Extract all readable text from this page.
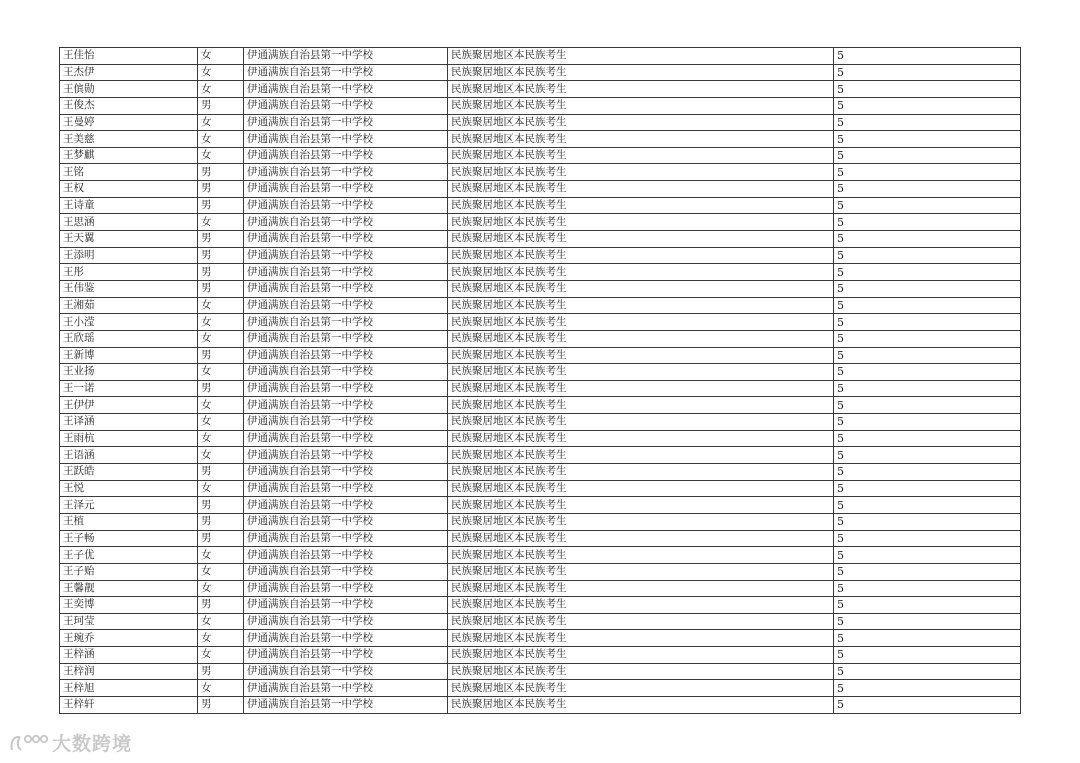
王佳怡	女	伊通满族自治县第一中学校	民族聚居地区本民族考生	5
王杰伊	女	伊通满族自治县第一中学校	民族聚居地区本民族考生	5
王傧勋	女	伊通满族自治县第一中学校	民族聚居地区本民族考生	5
王俊杰	男	伊通满族自治县第一中学校	民族聚居地区本民族考生	5
王曼婷	女	伊通满族自治县第一中学校	民族聚居地区本民族考生	5
王美慈	女	伊通满族自治县第一中学校	民族聚居地区本民族考生	5
王梦麒	女	伊通满族自治县第一中学校	民族聚居地区本民族考生	5
王铭	男	伊通满族自治县第一中学校	民族聚居地区本民族考生	5
王权	男	伊通满族自治县第一中学校	民族聚居地区本民族考生	5
王诗童	男	伊通满族自治县第一中学校	民族聚居地区本民族考生	5
王思涵	女	伊通满族自治县第一中学校	民族聚居地区本民族考生	5
王天翼	男	伊通满族自治县第一中学校	民族聚居地区本民族考生	5
王添明	男	伊通满族自治县第一中学校	民族聚居地区本民族考生	5
王彤	男	伊通满族自治县第一中学校	民族聚居地区本民族考生	5
王伟鉴	男	伊通满族自治县第一中学校	民族聚居地区本民族考生	5
王湘茹	女	伊通满族自治县第一中学校	民族聚居地区本民族考生	5
王小滢	女	伊通满族自治县第一中学校	民族聚居地区本民族考生	5
王欣瑶	女	伊通满族自治县第一中学校	民族聚居地区本民族考生	5
王新博	男	伊通满族自治县第一中学校	民族聚居地区本民族考生	5
王业扬	女	伊通满族自治县第一中学校	民族聚居地区本民族考生	5
王一诺	男	伊通满族自治县第一中学校	民族聚居地区本民族考生	5
王伊伊	女	伊通满族自治县第一中学校	民族聚居地区本民族考生	5
王译涵	女	伊通满族自治县第一中学校	民族聚居地区本民族考生	5
王雨杭	女	伊通满族自治县第一中学校	民族聚居地区本民族考生	5
王语涵	女	伊通满族自治县第一中学校	民族聚居地区本民族考生	5
王跃皓	男	伊通满族自治县第一中学校	民族聚居地区本民族考生	5
王悦	女	伊通满族自治县第一中学校	民族聚居地区本民族考生	5
王泽元	男	伊通满族自治县第一中学校	民族聚居地区本民族考生	5
王植	男	伊通满族自治县第一中学校	民族聚居地区本民族考生	5
王子畅	男	伊通满族自治县第一中学校	民族聚居地区本民族考生	5
王子优	女	伊通满族自治县第一中学校	民族聚居地区本民族考生	5
王子贻	女	伊通满族自治县第一中学校	民族聚居地区本民族考生	5
王馨靓	女	伊通满族自治县第一中学校	民族聚居地区本民族考生	5
王奕博	男	伊通满族自治县第一中学校	民族聚居地区本民族考生	5
王珂莹	女	伊通满族自治县第一中学校	民族聚居地区本民族考生	5
王琬乔	女	伊通满族自治县第一中学校	民族聚居地区本民族考生	5
王梓涵	女	伊通满族自治县第一中学校	民族聚居地区本民族考生	5
王梓润	男	伊通满族自治县第一中学校	民族聚居地区本民族考生	5
王梓旭	女	伊通满族自治县第一中学校	民族聚居地区本民族考生	5
王梓轩	男	伊通满族自治县第一中学校	民族聚居地区本民族考生	5
大数跨境
